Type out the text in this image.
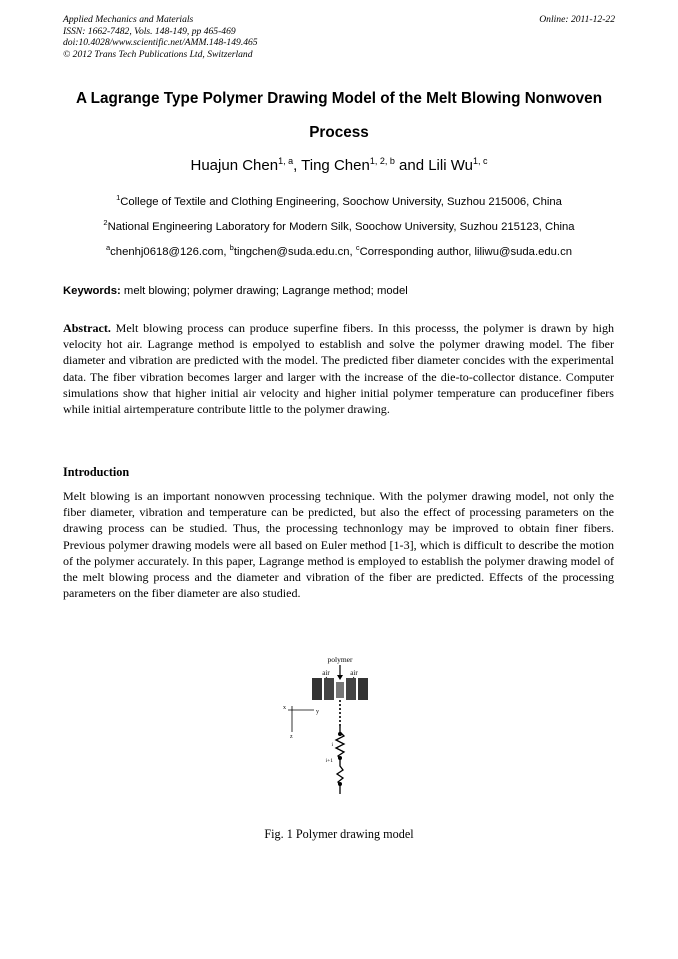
Applied Mechanics and Materials
ISSN: 1662-7482, Vols. 148-149, pp 465-469
doi:10.4028/www.scientific.net/AMM.148-149.465
© 2012 Trans Tech Publications Ltd, Switzerland
Online: 2011-12-22
A Lagrange Type Polymer Drawing Model of the Melt Blowing Nonwoven
Process
Huajun Chen$^{1, a}$, Ting Chen$^{1, 2, b}$ and Lili Wu$^{1, c}$
$^1$College of Textile and Clothing Engineering, Soochow University, Suzhou 215006, China
$^2$National Engineering Laboratory for Modern Silk, Soochow University, Suzhou 215123, China
$^a$chenhj0618@126.com, $^b$tingchen@suda.edu.cn, $^c$Corresponding author, liliwu@suda.edu.cn
Keywords: melt blowing; polymer drawing; Lagrange method; model
Abstract. Melt blowing process can produce superfine fibers. In this processs, the polymer is drawn by high velocity hot air. Lagrange method is empolyed to establish and solve the polymer drawing model. The fiber diameter and vibration are predicted with the model. The predicted fiber diameter concides with the experimental data. The fiber vibration becomes larger and larger with the increase of the die-to-collector distance. Computer simulations show that higher initial air velocity and higher initial polymer temperature can producefiner fibers while initial airtemperature contribute little to the polymer drawing.
Introduction
Melt blowing is an important nonowven processing technique. With the polymer drawing model, not only the fiber diameter, vibration and temperature can be predicted, but also the effect of processing parameters on the drawing process can be studied. Thus, the processing technonlogy may be improved to obtain finer fibers. Previous polymer drawing models were all based on Euler method [1-3], which is difficult to describe the motion of the polymer accurately. In this paper, Lagrange method is employed to establish the polymer drawing model of the melt blowing process and the diameter and vibration of the fiber are predicted. Effects of the processing parameters on the fiber diameter are also studied.
polymer
air	air
x
y
z
i
i+1
Fig. 1 Polymer drawing model
